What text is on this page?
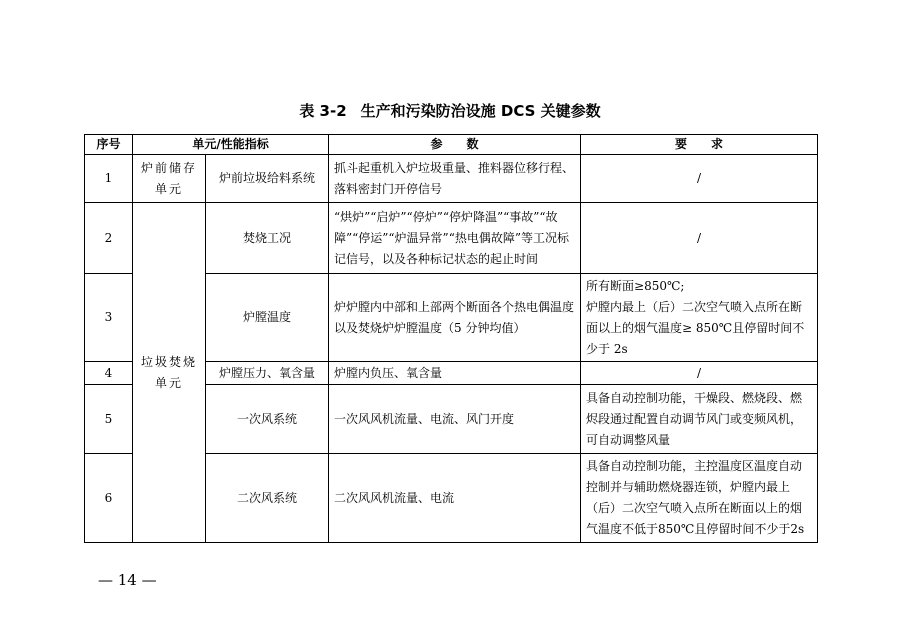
表 3-2 生产和污染防治设施 DCS 关键参数
序号	单元/性能指标		参　　数	要　　求
1	炉前储存单元	炉前垃圾给料系统	抓斗起重机入炉垃圾重量、推料器位移行程、落料密封门开停信号	/
2	垃圾焚烧单元	焚烧工况	“烘炉”“启炉”“停炉”“停炉降温”“事故”“故障”“停运”“炉温异常”“热电偶故障”等工况标记信号，以及各种标记状态的起止时间	/
3		炉膛温度	炉炉膛内中部和上部两个断面各个热电偶温度以及焚烧炉炉膛温度（5 分钟均值）	所有断面≥850℃;
炉膛内最上（后）二次空气喷入点所在断面以上的烟气温度≥ 850℃且停留时间不少于 2s

4		炉膛压力、氧含量	炉膛内负压、氧含量	/
5		一次风系统	一次风风机流量、电流、风门开度	具备自动控制功能，干燥段、燃烧段、燃烬段通过配置自动调节风门或变频风机，可自动调整风量
6		二次风系统	二次风风机流量、电流	具备自动控制功能，主控温度区温度自动控制并与辅助燃烧器连锁，炉膛内最上（后）二次空气喷入点所在断面以上的烟气温度不低于850℃且停留时间不少于2s
— 14 —
